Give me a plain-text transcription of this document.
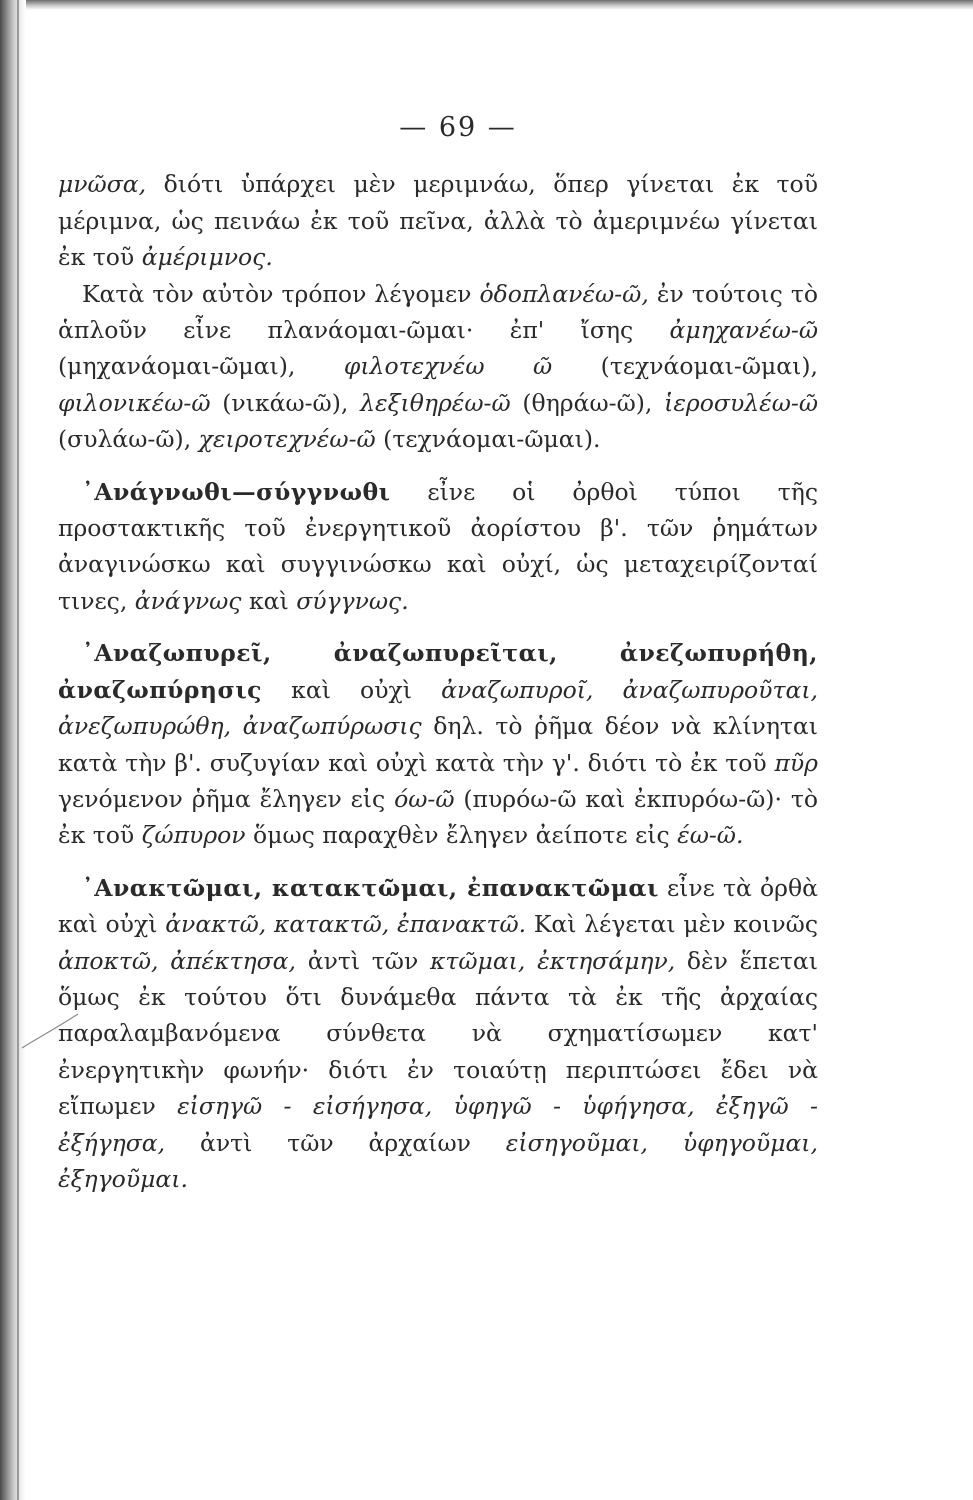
— 69 —

μνῶσα, διότι ὑπάρχει μὲν μεριμνάω, ὅπερ γίνεται ἐκ τοῦ μέριμνα, ὡς πεινάω ἐκ τοῦ πεῖνα, ἀλλὰ τὸ ἀμεριμνέω γίνεται ἐκ τοῦ ἀμέριμνος.

Κατὰ τὸν αὐτὸν τρόπον λέγομεν ὁδοπλανέω-ῶ, ἐν τούτοις τὸ ἁπλοῦν εἶνε πλανάομαι-ῶμαι· ἐπ' ἴσης ἀμηχανέω-ῶ (μηχανάομαι-ῶμαι), φιλοτεχνέω ῶ (τεχνάομαι-ῶμαι), φιλονικέω-ῶ (νικάω-ῶ), λεξιθηρέω-ῶ (θηράω-ῶ), ἱεροσυλέω-ῶ (συλάω-ῶ), χειροτεχνέω-ῶ (τεχνάομαι-ῶμαι).

᾽Ανάγνωθι—σύγγνωθι εἶνε οἱ ὀρθοὶ τύποι τῆς προστακτικῆς τοῦ ἐνεργητικοῦ ἀορίστου β'. τῶν ῥημάτων ἀναγινώσκω καὶ συγγινώσκω καὶ οὐχί, ὡς μεταχειρίζονταί τινες, ἀνάγνως καὶ σύγγνως.

᾽Αναζωπυρεῖ, ἀναζωπυρεῖται, ἀνεζωπυρήθη, ἀναζωπύρησις καὶ οὐχὶ ἀναζωπυροῖ, ἀναζωπυροῦται, ἀνεζωπυρώθη, ἀναζωπύρωσις δηλ. τὸ ῥῆμα δέον νὰ κλίνηται κατὰ τὴν β'. συζυγίαν καὶ οὐχὶ κατὰ τὴν γ'. διότι τὸ ἐκ τοῦ πῦρ γενόμενον ῥῆμα ἔληγεν εἰς όω-ῶ (πυρόω-ῶ καὶ ἐκπυρόω-ῶ)· τὸ ἐκ τοῦ ζώπυρον ὅμως παραχθὲν ἔληγεν ἀείποτε εἰς έω-ῶ.

᾽Ανακτῶμαι, κατακτῶμαι, ἐπανακτῶμαι εἶνε τὰ ὀρθὰ καὶ οὐχὶ ἀνακτῶ, κατακτῶ, ἐπανακτῶ. Καὶ λέγεται μὲν κοινῶς ἀποκτῶ, ἀπέκτησα, ἀντὶ τῶν κτῶμαι, ἐκτησάμην, δὲν ἕπεται ὅμως ἐκ τούτου ὅτι δυνάμεθα πάντα τὰ ἐκ τῆς ἀρχαίας παραλαμβανόμενα σύνθετα νὰ σχηματίσωμεν κατ' ἐνεργητικὴν φωνήν· διότι ἐν τοιαύτῃ περιπτώσει ἔδει νὰ εἴπωμεν εἰσηγῶ - εἰσήγησα, ὑφηγῶ - ὑφήγησα, ἐξηγῶ - ἐξήγησα, ἀντὶ τῶν ἀρχαίων εἰσηγοῦμαι, ὑφηγοῦμαι, ἐξηγοῦμαι.
